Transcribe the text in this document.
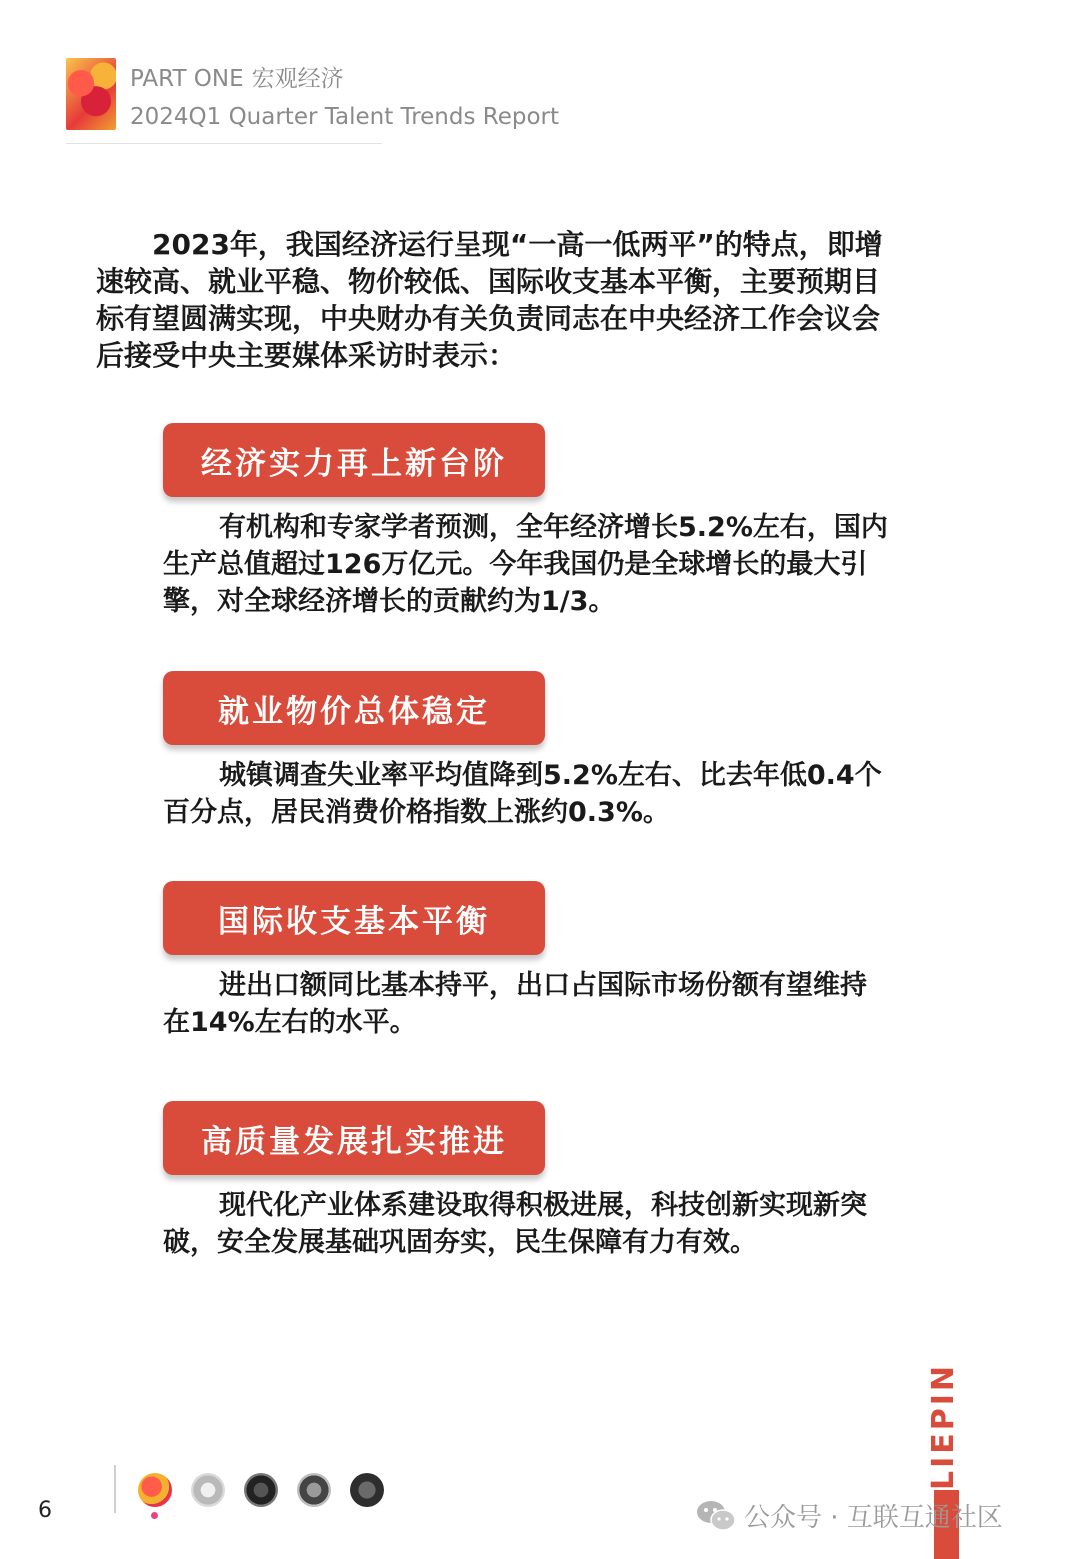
PART ONE 宏观经济
2024Q1 Quarter Talent Trends Report

2023年，我国经济运行呈现“一高一低两平”的特点，即增速较高、就业平稳、物价较低、国际收支基本平衡，主要预期目标有望圆满实现，中央财办有关负责同志在中央经济工作会议会后接受中央主要媒体采访时表示：

经济实力再上新台阶

有机构和专家学者预测，全年经济增长5.2%左右，国内生产总值超过126万亿元。今年我国仍是全球增长的最大引擎，对全球经济增长的贡献约为1/3。

就业物价总体稳定

城镇调查失业率平均值降到5.2%左右、比去年低0.4个百分点，居民消费价格指数上涨约0.3%。

国际收支基本平衡

进出口额同比基本持平，出口占国际市场份额有望维持在14%左右的水平。

高质量发展扎实推进

现代化产业体系建设取得积极进展，科技创新实现新突破，安全发展基础巩固夯实，民生保障有力有效。

6
LIEPIN
公众号 · 互联互通社区
